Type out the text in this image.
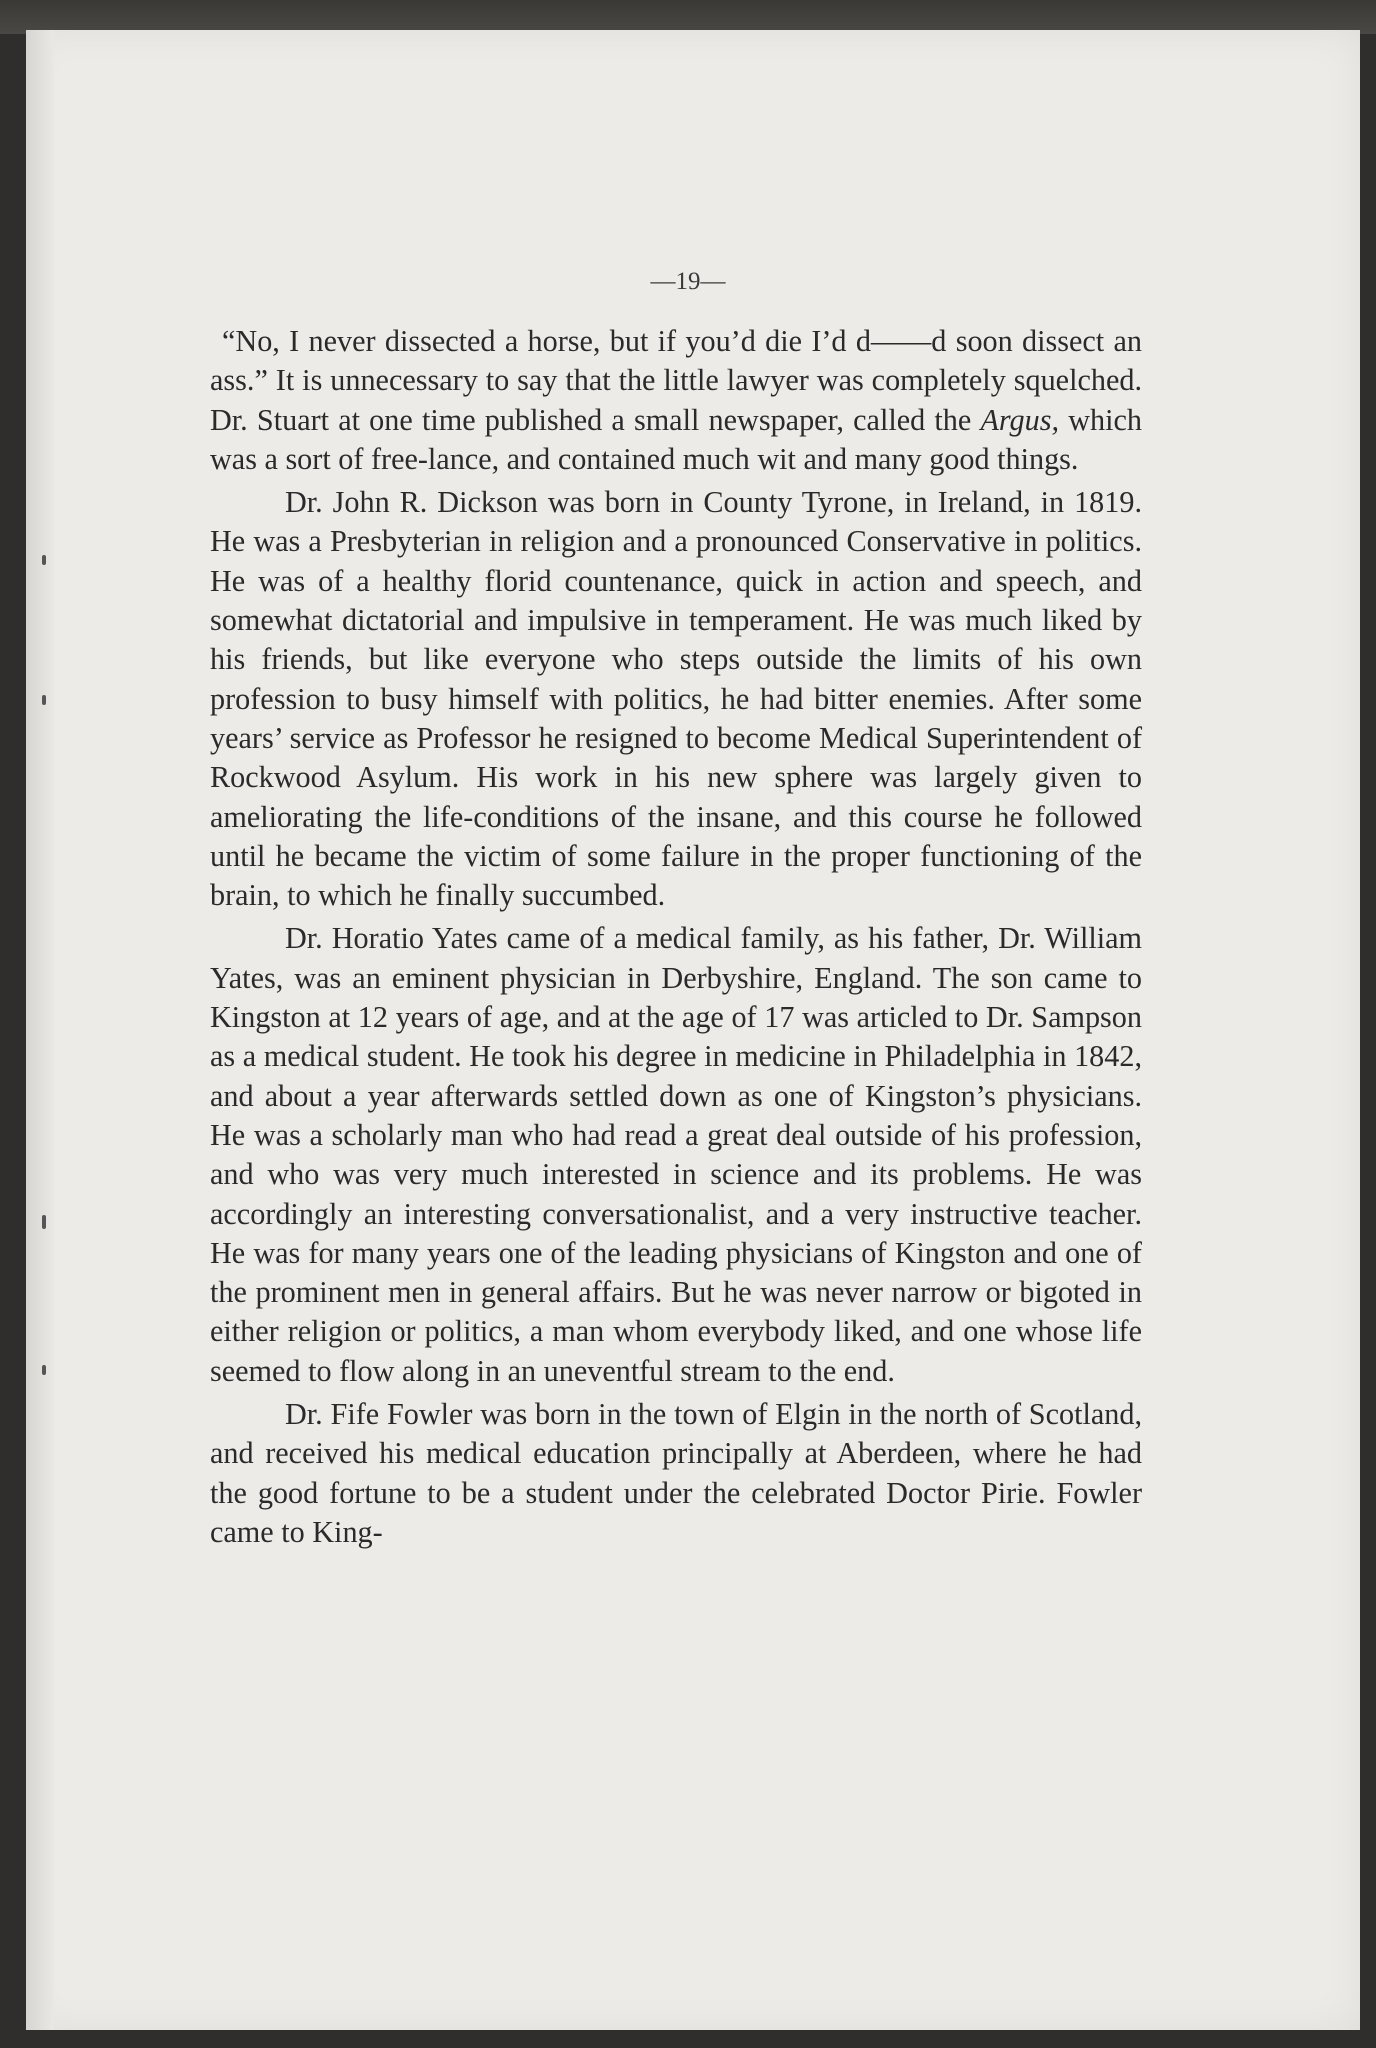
—19—

“No, I never dissected a horse, but if you’d die I’d d——d soon dissect an ass.” It is unnecessary to say that the little lawyer was completely squelched. Dr. Stuart at one time published a small newspaper, called the Argus, which was a sort of free-lance, and contained much wit and many good things.

Dr. John R. Dickson was born in County Tyrone, in Ireland, in 1819. He was a Presbyterian in religion and a pronounced Conservative in politics. He was of a healthy florid countenance, quick in action and speech, and somewhat dictatorial and impulsive in temperament. He was much liked by his friends, but like everyone who steps outside the limits of his own profession to busy himself with politics, he had bitter enemies. After some years’ service as Professor he resigned to become Medical Superintendent of Rockwood Asylum. His work in his new sphere was largely given to ameliorating the life-conditions of the insane, and this course he followed until he became the victim of some failure in the proper functioning of the brain, to which he finally succumbed.

Dr. Horatio Yates came of a medical family, as his father, Dr. William Yates, was an eminent physician in Derbyshire, England. The son came to Kingston at 12 years of age, and at the age of 17 was articled to Dr. Sampson as a medical student. He took his degree in medicine in Philadelphia in 1842, and about a year afterwards settled down as one of Kingston’s physicians. He was a scholarly man who had read a great deal outside of his profession, and who was very much interested in science and its problems. He was accordingly an interesting conversationalist, and a very instructive teacher. He was for many years one of the leading physicians of Kingston and one of the prominent men in general affairs. But he was never narrow or bigoted in either religion or politics, a man whom everybody liked, and one whose life seemed to flow along in an uneventful stream to the end.

Dr. Fife Fowler was born in the town of Elgin in the north of Scotland, and received his medical education principally at Aberdeen, where he had the good fortune to be a student under the celebrated Doctor Pirie. Fowler came to King-
